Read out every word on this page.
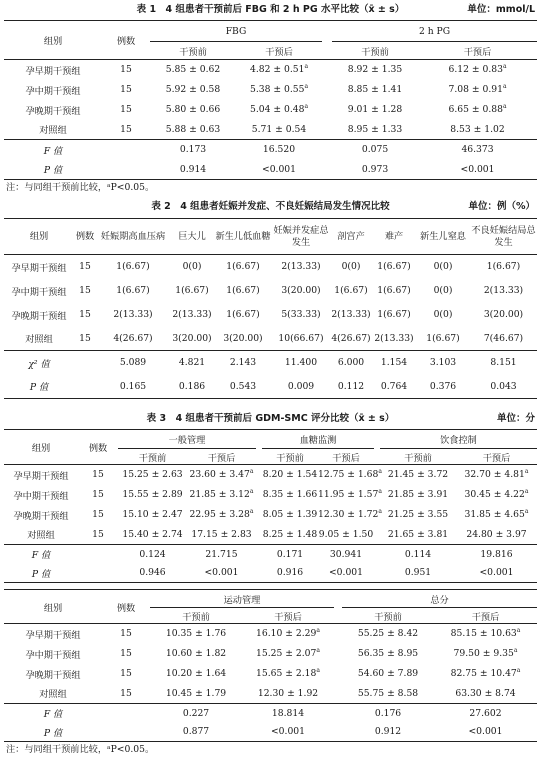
表 1　4 组患者干预前后 FBG 和 2 h PG 水平比较（x̄ ± s）	单位：mmol/L
组别	例数	FBG			2 h PG	
		干预前	干预后		干预前	干预后
孕早期干预组	15	5.85 ± 0.62	4.82 ± 0.51$^a$		8.92 ± 1.35	6.12 ± 0.83$^a$
孕中期干预组	15	5.92 ± 0.58	5.38 ± 0.55$^a$		8.85 ± 1.41	7.08 ± 0.91$^a$
孕晚期干预组	15	5.80 ± 0.66	5.04 ± 0.48$^a$		9.01 ± 1.28	6.65 ± 0.88$^a$
对照组	15	5.88 ± 0.63	5.71 ± 0.54		8.95 ± 1.33	8.53 ± 1.02
F 值		0.173	16.520		0.075	46.373
P 值		0.914	<0.001		0.973	<0.001
注：与同组干预前比较，ᵃP<0.05。
表 2　4 组患者妊娠并发症、不良妊娠结局发生情况比较	单位：例（%）
组别	例数	妊娠期高血压病	巨大儿	新生儿低血糖	妊娠并发症总发生	剖宫产	难产	新生儿窒息	不良妊娠结局总发生
孕早期干预组	15	1(6.67)	0(0)	1(6.67)	2(13.33)	0(0)	1(6.67)	0(0)	1(6.67)
孕中期干预组	15	1(6.67)	1(6.67)	1(6.67)	3(20.00)	1(6.67)	1(6.67)	0(0)	2(13.33)
孕晚期干预组	15	2(13.33)	2(13.33)	1(6.67)	5(33.33)	2(13.33)	1(6.67)	0(0)	3(20.00)
对照组	15	4(26.67)	3(20.00)	3(20.00)	10(66.67)	4(26.67)	2(13.33)	1(6.67)	7(46.67)
χ² 值		5.089	4.821	2.143	11.400	6.000	1.154	3.103	8.151
P 值		0.165	0.186	0.543	0.009	0.112	0.764	0.376	0.043
表 3　4 组患者干预前后 GDM-SMC 评分比较（x̄ ± s）	单位：分
组别	例数	一般管理			血糖监测			饮食控制	
		干预前	干预后		干预前	干预后		干预前	干预后
孕早期干预组	15	15.25 ± 2.63	23.60 ± 3.47$^a$		8.20 ± 1.54	12.75 ± 1.68$^a$		21.45 ± 3.72	32.70 ± 4.81$^a$
孕中期干预组	15	15.55 ± 2.89	21.85 ± 3.12$^a$		8.35 ± 1.66	11.95 ± 1.57$^a$		21.85 ± 3.91	30.45 ± 4.22$^a$
孕晚期干预组	15	15.10 ± 2.47	22.95 ± 3.28$^a$		8.05 ± 1.39	12.30 ± 1.72$^a$		21.25 ± 3.55	31.85 ± 4.65$^a$
对照组	15	15.40 ± 2.74	17.15 ± 2.83		8.25 ± 1.48	9.05 ± 1.50		21.65 ± 3.81	24.80 ± 3.97
F 值		0.124	21.715		0.171	30.941		0.114	19.816
P 值		0.946	<0.001		0.916	<0.001		0.951	<0.001
组别	例数	运动管理			总分	
		干预前	干预后		干预前	干预后
孕早期干预组	15	10.35 ± 1.76	16.10 ± 2.29$^a$		55.25 ± 8.42	85.15 ± 10.63$^a$
孕中期干预组	15	10.60 ± 1.82	15.25 ± 2.07$^a$		56.35 ± 8.95	79.50 ± 9.35$^a$
孕晚期干预组	15	10.20 ± 1.64	15.65 ± 2.18$^a$		54.60 ± 7.89	82.75 ± 10.47$^a$
对照组	15	10.45 ± 1.79	12.30 ± 1.92		55.75 ± 8.58	63.30 ± 8.74
F 值		0.227	18.814		0.176	27.602
P 值		0.877	<0.001		0.912	<0.001
注：与同组干预前比较，ᵃP<0.05。
